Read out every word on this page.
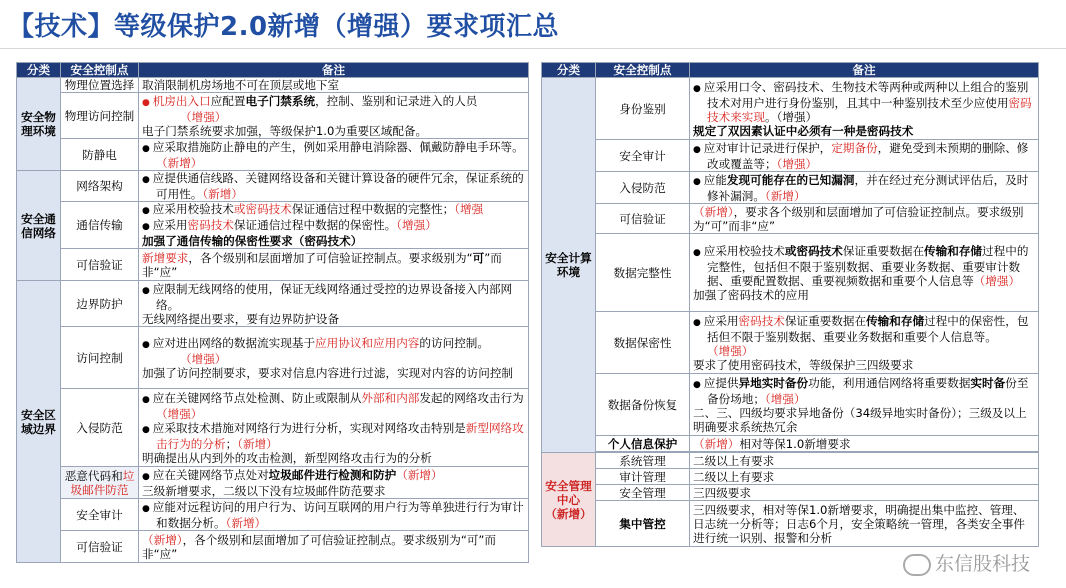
【技术】等级保护2.0新增（增强）要求项汇总
分类	安全控制点	备注
安全物理环境	物理位置选择	取消限制机房场地不可在顶层或地下室
	物理访问控制	● 机房出入口应配置电子门禁系统，控制、鉴别和记录进入的人员
（增强）
电子门禁系统要求加强，等级保护1.0为重要区域配备。

	防静电	● 应采取措施防止静电的产生，例如采用静电消除器、佩戴防静电手环等。（新增）

安全通信网络	网络架构	● 应提供通信线路、关键网络设备和关键计算设备的硬件冗余，保证系统的可用性。（新增）

	通信传输	● 应采用校验技术或密码技术保证通信过程中数据的完整性；（增强
● 应采用密码技术保证通信过程中数据的保密性。（增强）
加强了通信传输的保密性要求（密码技术）

	可信验证	新增要求，各个级别和层面增加了可信验证控制点。要求级别为“可”而非“应”
安全区域边界	边界防护	● 应限制无线网络的使用，保证无线网络通过受控的边界设备接入内部网络。
无线网络提出要求，要有边界防护设备

	访问控制	● 应对进出网络的数据流实现基于应用协议和应用内容的访问控制。
（增强）
加强了访问控制要求，要求对信息内容进行过滤，实现对内容的访问控制

	入侵防范	● 应在关键网络节点处检测、防止或限制从外部和内部发起的网络攻击行为（增强）
● 应采取技术措施对网络行为进行分析，实现对网络攻击特别是新型网络攻击行为的分析；（新增）
明确提出从内到外的攻击检测，新型网络攻击行为的分析

	恶意代码和垃圾邮件防范	● 应在关键网络节点处对垃圾邮件进行检测和防护（新增）
三级新增要求，二级以下没有垃圾邮件防范要求

	安全审计	● 应能对远程访问的用户行为、访问互联网的用户行为等单独进行行为审计和数据分析。（新增）

	可信验证	（新增），各个级别和层面增加了可信验证控制点。要求级别为“可”而非“应”
分类	安全控制点	备注
安全计算环境	身份鉴别	● 应采用口令、密码技术、生物技术等两种或两种以上组合的鉴别技术对用户进行身份鉴别，且其中一种鉴别技术至少应使用密码技术来实现。（增强）
规定了双因素认证中必须有一种是密码技术

	安全审计	● 应对审计记录进行保护，定期备份，避免受到未预期的删除、修改或覆盖等；（增强）

	入侵防范	● 应能发现可能存在的已知漏洞，并在经过充分测试评估后，及时修补漏洞。（新增）

	可信验证	（新增），要求各个级别和层面增加了可信验证控制点。要求级别为“可”而非“应”
	数据完整性	● 应采用校验技术或密码技术保证重要数据在传输和存储过程中的完整性，包括但不限于鉴别数据、重要业务数据、重要审计数据、重要配置数据、重要视频数据和重要个人信息等（增强）
加强了密码技术的应用

	数据保密性	● 应采用密码技术保证重要数据在传输和存储过程中的保密性，包括但不限于鉴别数据、重要业务数据和重要个人信息等。（增强）
要求了使用密码技术，等级保护三四级要求

	数据备份恢复	● 应提供异地实时备份功能，利用通信网络将重要数据实时备份至备份场地；（增强）
二、三、四级均要求异地备份（34级异地实时备份）；三级及以上明确要求系统热冗余

	个人信息保护	（新增）相对等保1.0新增要求

安全管理中心
（新增）	系统管理	二级以上有要求
	审计管理	二级以上有要求
	安全管理	三四级要求
	集中管控	三四级要求，相对等保1.0新增要求，明确提出集中监控、管理、日志统一分析等；日志6个月，安全策略统一管理，各类安全事件进行统一识别、报警和分析
东信股科技
